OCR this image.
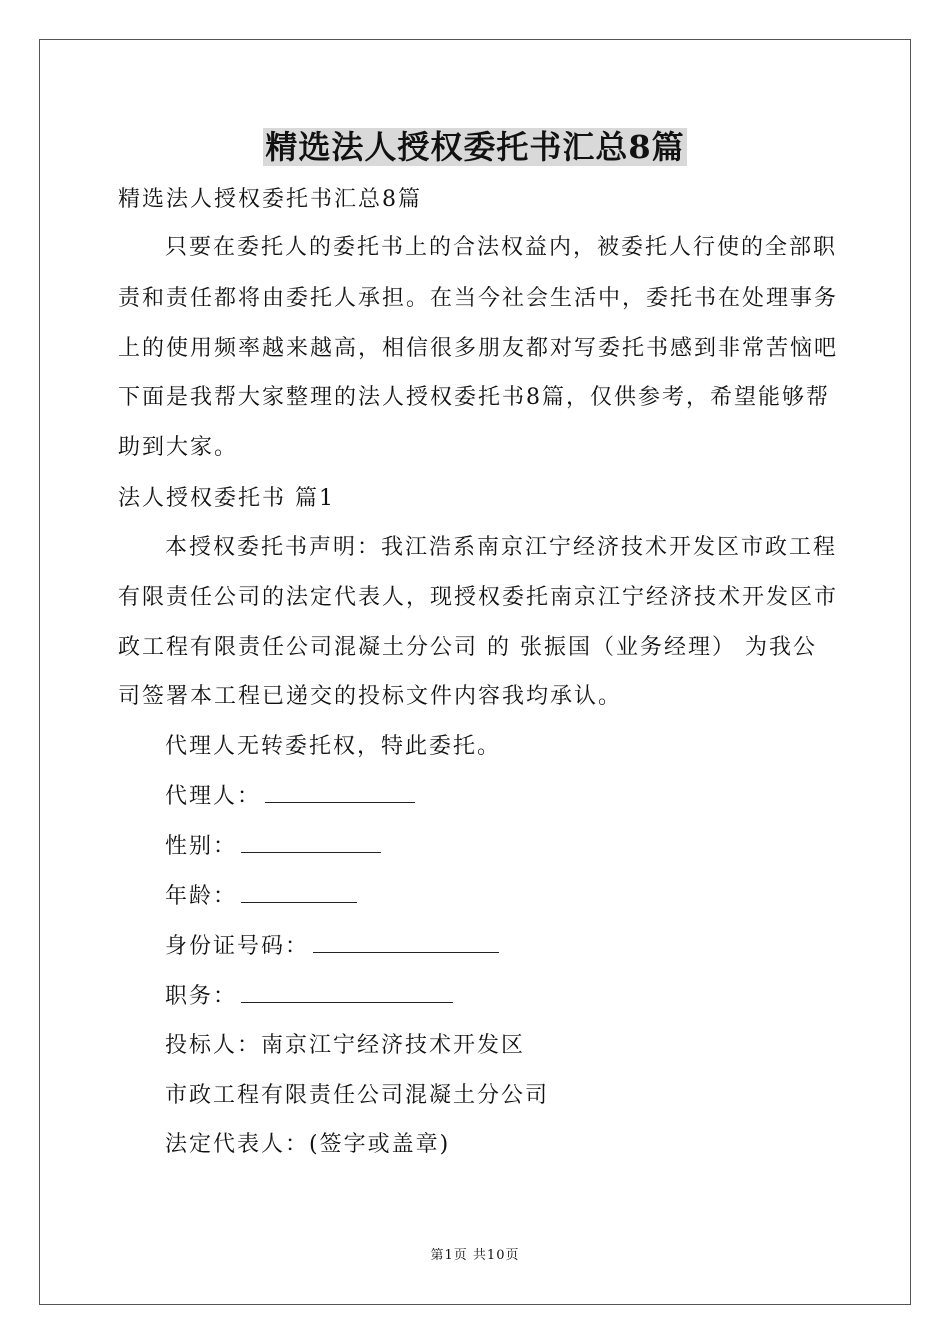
精选法人授权委托书汇总8篇
精选法人授权委托书汇总8篇
只要在委托人的委托书上的合法权益内，被委托人行使的全部职
责和责任都将由委托人承担。在当今社会生活中，委托书在处理事务
上的使用频率越来越高，相信很多朋友都对写委托书感到非常苦恼吧
下面是我帮大家整理的法人授权委托书8篇，仅供参考，希望能够帮
助到大家。
法人授权委托书 篇1
本授权委托书声明：我江浩系南京江宁经济技术开发区市政工程
有限责任公司的法定代表人，现授权委托南京江宁经济技术开发区市
政工程有限责任公司混凝土分公司 的 张振国（业务经理） 为我公
司签署本工程已递交的投标文件内容我均承认。
代理人无转委托权，特此委托。
代理人：
性别：
年龄：
身份证号码：
职务：
投标人：南京江宁经济技术开发区
市政工程有限责任公司混凝土分公司
法定代表人：(签字或盖章)
第1页 共10页
